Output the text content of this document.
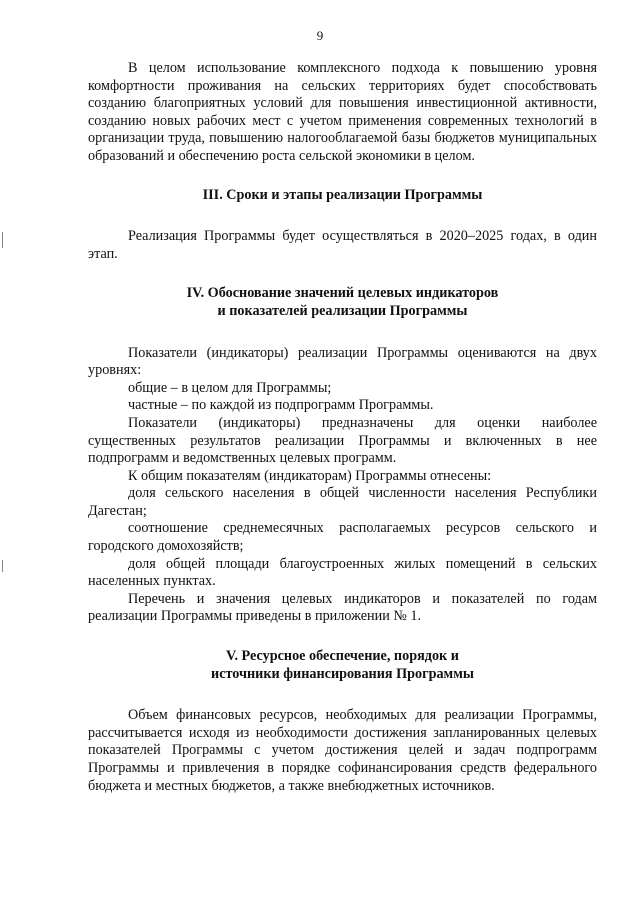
9

В целом использование комплексного подхода к повышению уровня комфортности проживания на сельских территориях будет способствовать созданию благоприятных условий для повышения инвестиционной активности, созданию новых рабочих мест с учетом применения современных технологий в организации труда, повышению налогооблагаемой базы бюджетов муниципальных образований и обеспечению роста сельской экономики в целом.

III. Сроки и этапы реализации Программы

Реализация Программы будет осуществляться в 2020–2025 годах, в один этап.

IV. Обоснование значений целевых индикаторов
и показателей реализации Программы

Показатели (индикаторы) реализации Программы оцениваются на двух уровнях:

общие – в целом для Программы;

частные – по каждой из подпрограмм Программы.

Показатели (индикаторы) предназначены для оценки наиболее существенных результатов реализации Программы и включенных в нее подпрограмм и ведомственных целевых программ.

К общим показателям (индикаторам) Программы отнесены:

доля сельского населения в общей численности населения Республики Дагестан;

соотношение среднемесячных располагаемых ресурсов сельского и городского домохозяйств;

доля общей площади благоустроенных жилых помещений в сельских населенных пунктах.

Перечень и значения целевых индикаторов и показателей по годам реализации Программы приведены в приложении № 1.

V. Ресурсное обеспечение, порядок и
источники финансирования Программы

Объем финансовых ресурсов, необходимых для реализации Программы, рассчитывается исходя из необходимости достижения запланированных целевых показателей Программы с учетом достижения целей и задач подпрограмм Программы и привлечения в порядке софинансирования средств федерального бюджета и местных бюджетов, а также внебюджетных источников.
